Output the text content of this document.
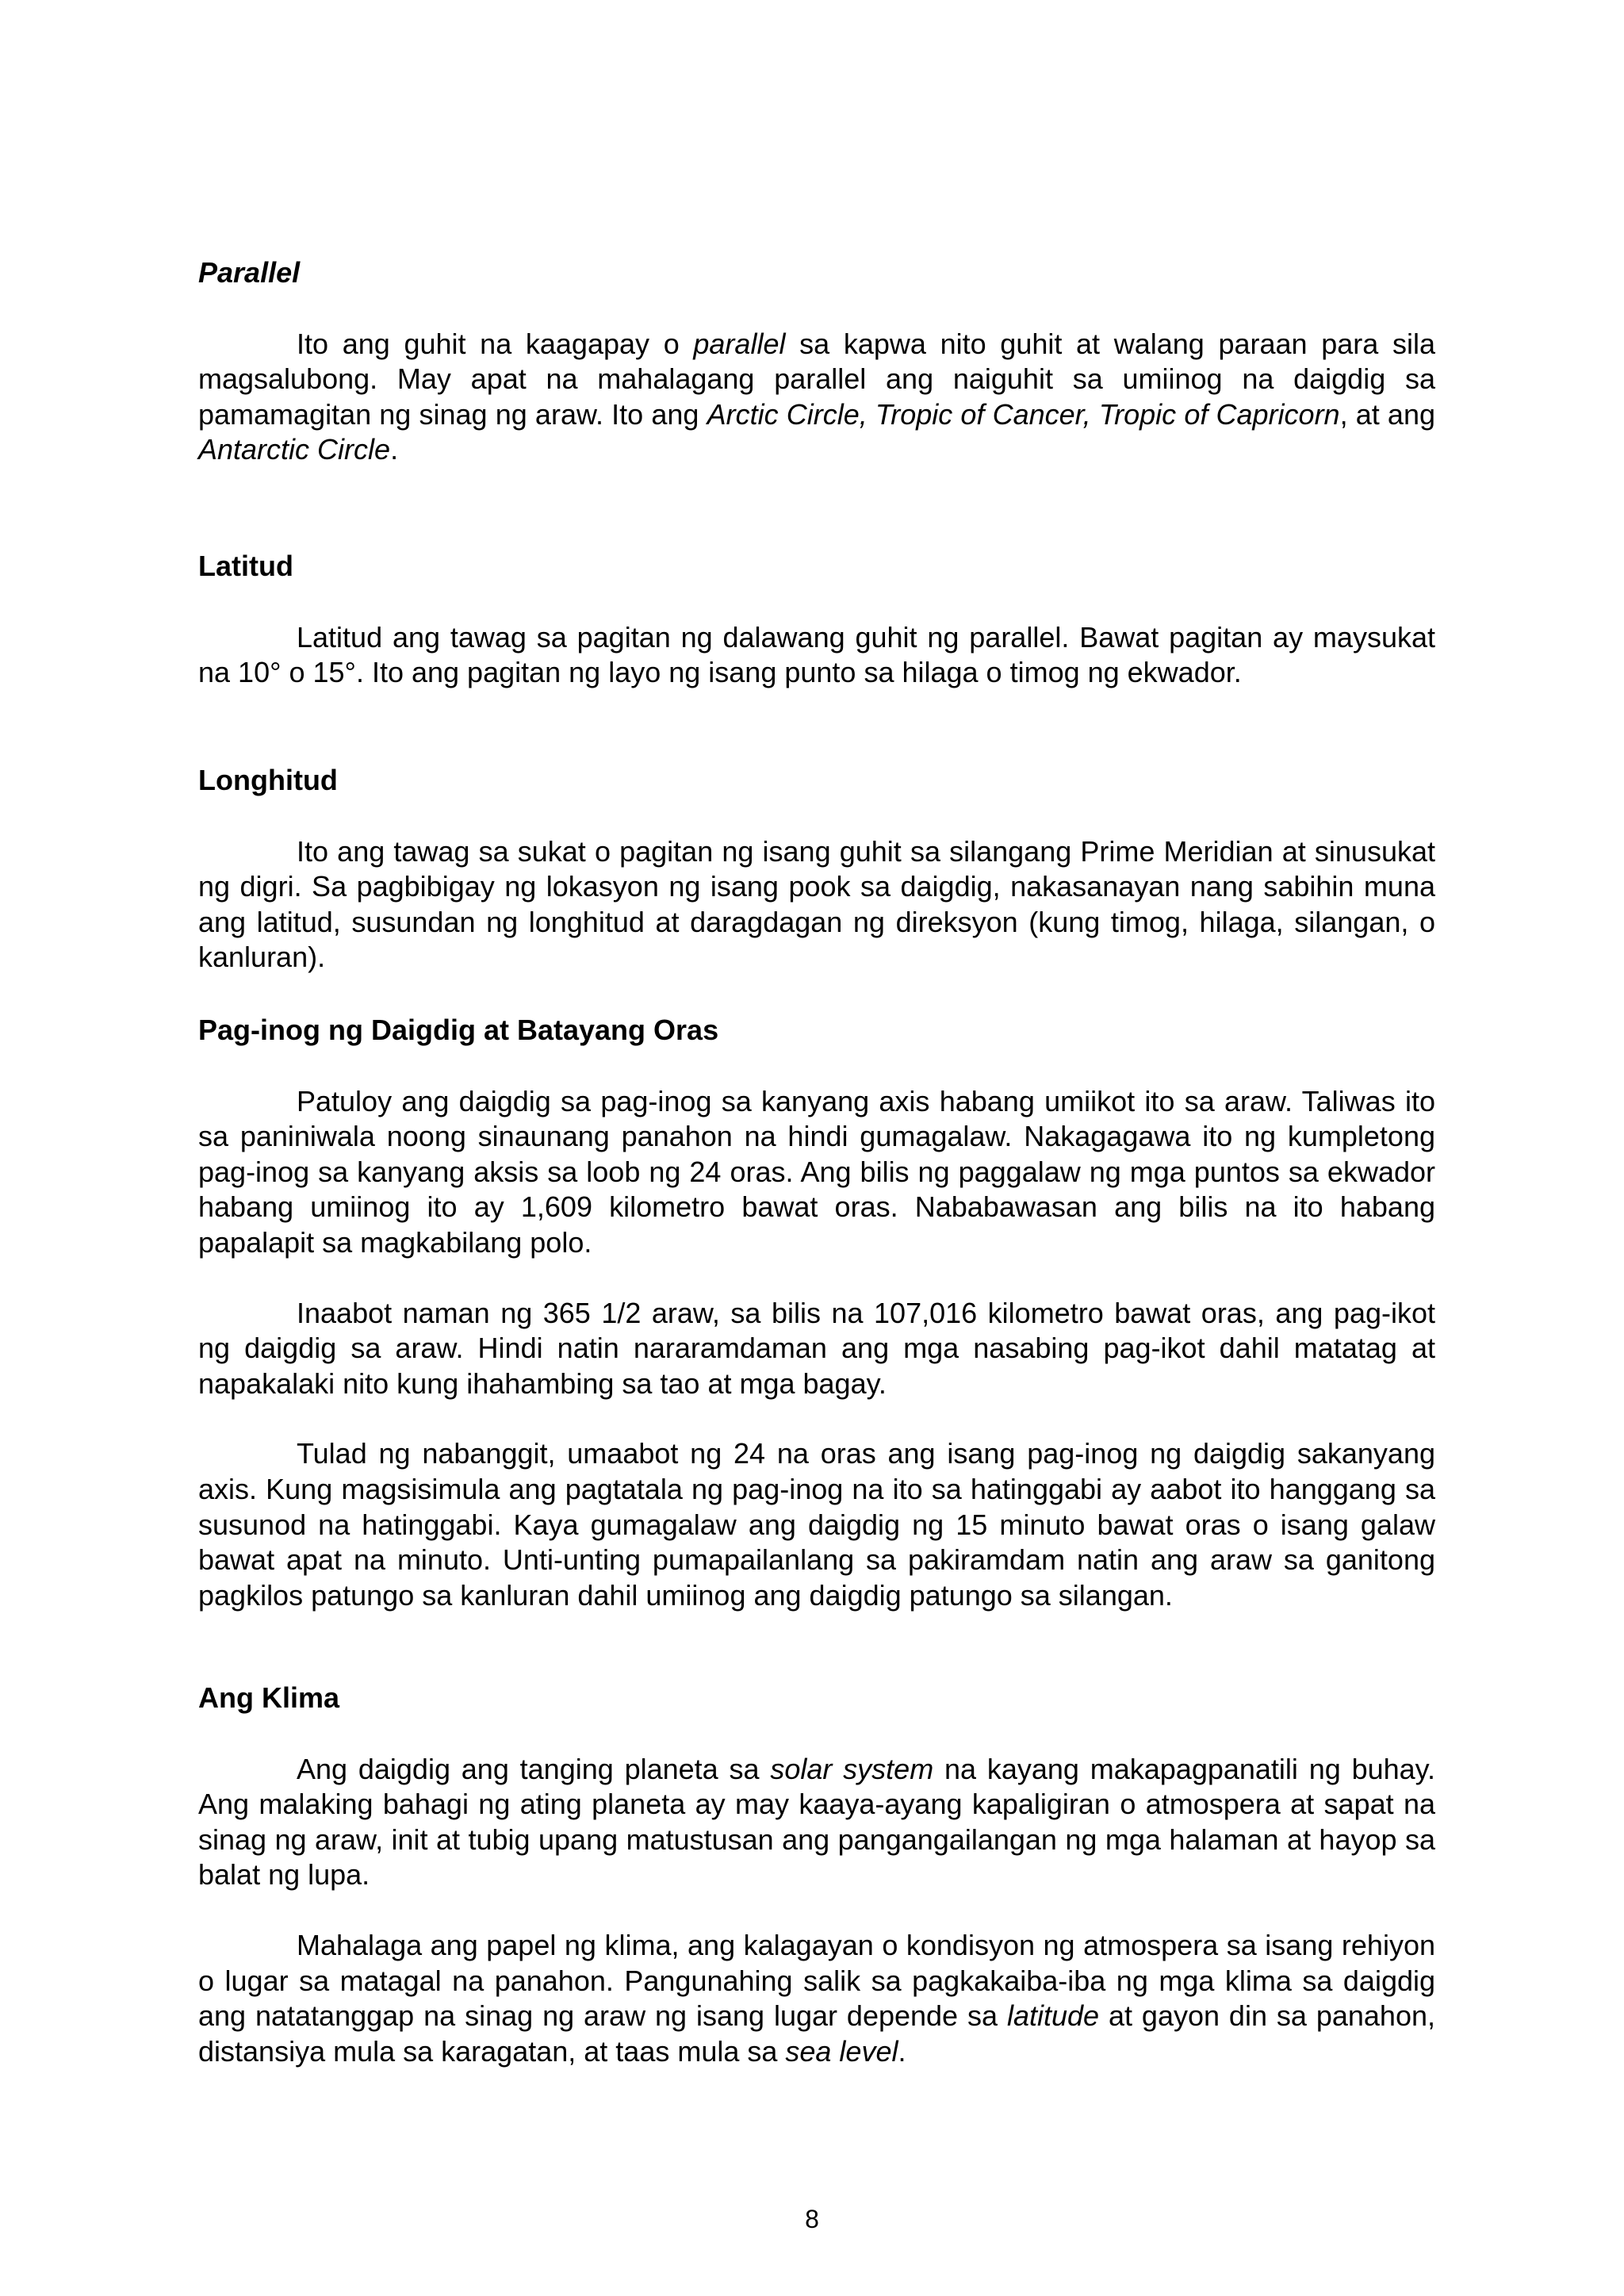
Parallel

Ito ang guhit na kaagapay o parallel sa kapwa nito guhit at walang paraan para sila magsalubong. May apat na mahalagang parallel ang naiguhit sa umiinog na daigdig sa pamamagitan ng sinag ng araw. Ito ang Arctic Circle, Tropic of Cancer, Tropic of Capricorn, at ang Antarctic Circle.

Latitud

Latitud ang tawag sa pagitan ng dalawang guhit ng parallel. Bawat pagitan ay maysukat na 10° o 15°. Ito ang pagitan ng layo ng isang punto sa hilaga o timog ng ekwador.

Longhitud

Ito ang tawag sa sukat o pagitan ng isang guhit sa silangang Prime Meridian at sinusukat ng digri. Sa pagbibigay ng lokasyon ng isang pook sa daigdig, nakasanayan nang sabihin muna ang latitud, susundan ng longhitud at daragdagan ng direksyon (kung timog, hilaga, silangan, o kanluran).

Pag-inog ng Daigdig at Batayang Oras

Patuloy ang daigdig sa pag-inog sa kanyang axis habang umiikot ito sa araw. Taliwas ito sa paniniwala noong sinaunang panahon na hindi gumagalaw. Nakagagawa ito ng kumpletong pag-inog sa kanyang aksis sa loob ng 24 oras. Ang bilis ng paggalaw ng mga puntos sa ekwador habang umiinog ito ay 1,609 kilometro bawat oras. Nababawasan ang bilis na ito habang papalapit sa magkabilang polo.

Inaabot naman ng 365 1/2 araw, sa bilis na 107,016 kilometro bawat oras, ang pag-ikot ng daigdig sa araw. Hindi natin nararamdaman ang mga nasabing pag-ikot dahil matatag at napakalaki nito kung ihahambing sa tao at mga bagay.

Tulad ng nabanggit, umaabot ng 24 na oras ang isang pag-inog ng daigdig sakanyang axis. Kung magsisimula ang pagtatala ng pag-inog na ito sa hatinggabi ay aabot ito hanggang sa susunod na hatinggabi. Kaya gumagalaw ang daigdig ng 15 minuto bawat oras o isang galaw bawat apat na minuto. Unti-unting pumapailanlang sa pakiramdam natin ang araw sa ganitong pagkilos patungo sa kanluran dahil umiinog ang daigdig patungo sa silangan.

Ang Klima

Ang daigdig ang tanging planeta sa solar system na kayang makapagpanatili ng buhay. Ang malaking bahagi ng ating planeta ay may kaaya-ayang kapaligiran o atmospera at sapat na sinag ng araw, init at tubig upang matustusan ang pangangailangan ng mga halaman at hayop sa balat ng lupa.

Mahalaga ang papel ng klima, ang kalagayan o kondisyon ng atmospera sa isang rehiyon o lugar sa matagal na panahon. Pangunahing salik sa pagkakaiba-iba ng mga klima sa daigdig ang natatanggap na sinag ng araw ng isang lugar depende sa latitude at gayon din sa panahon, distansiya mula sa karagatan, at taas mula sa sea level.

8
